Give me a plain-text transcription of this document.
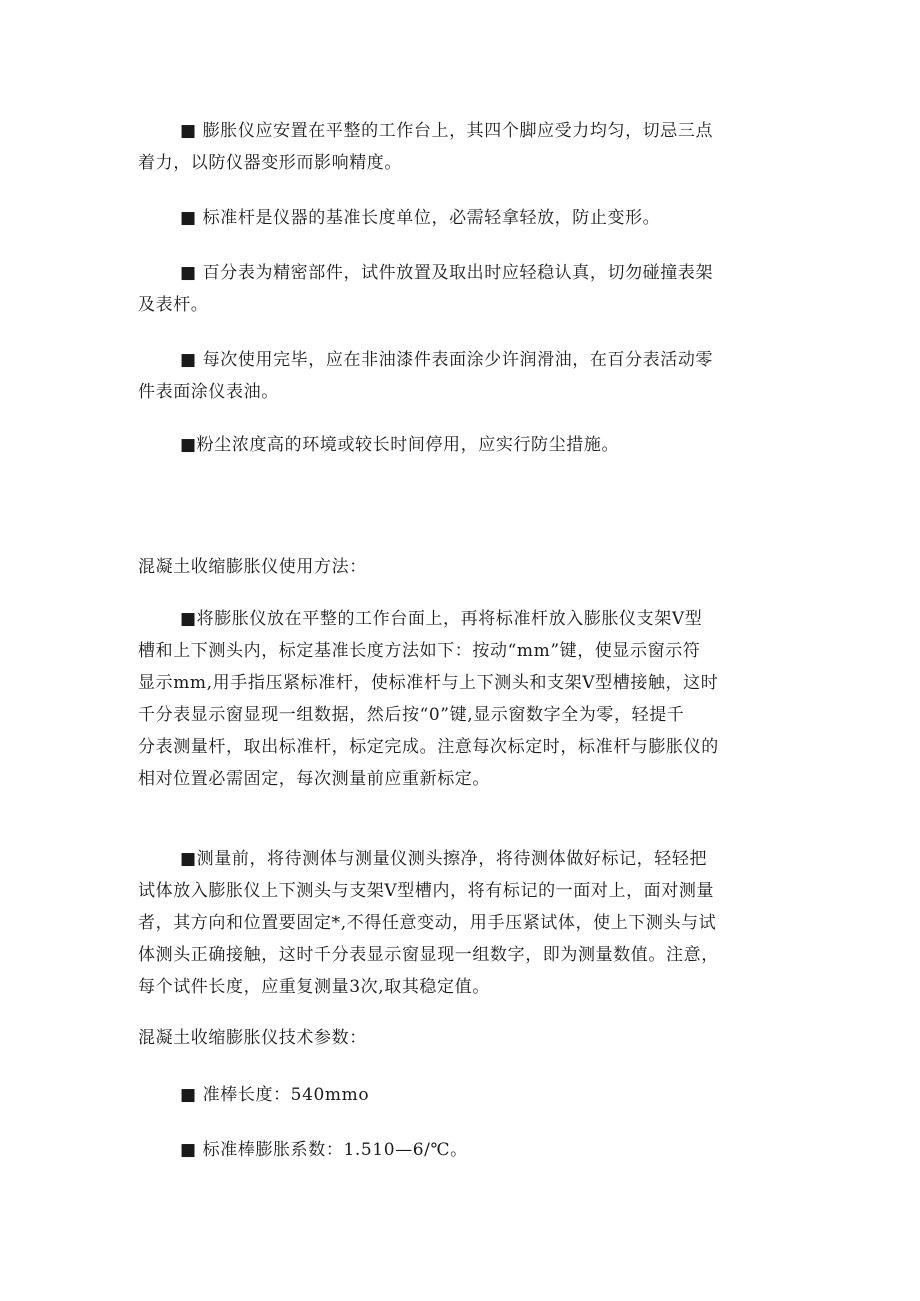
■ 膨胀仪应安置在平整的工作台上，其四个脚应受力均匀，切忌三点
着力，以防仪器变形而影响精度。

■ 标准杆是仪器的基准长度单位，必需轻拿轻放，防止变形。

■ 百分表为精密部件，试件放置及取出时应轻稳认真，切勿碰撞表架
及表杆。

■ 每次使用完毕，应在非油漆件表面涂少许润滑油，在百分表活动零
件表面涂仪表油。

■粉尘浓度高的环境或较长时间停用，应实行防尘措施。

混凝土收缩膨胀仪使用方法：

■将膨胀仪放在平整的工作台面上，再将标准杆放入膨胀仪支架V型
槽和上下测头内，标定基准长度方法如下：按动“mm”键，使显示窗示符
显示mm,用手指压紧标准杆，使标准杆与上下测头和支架V型槽接触，这时
千分表显示窗显现一组数据，然后按“0”键,显示窗数字全为零，轻提千
分表测量杆，取出标准杆，标定完成。注意每次标定时，标准杆与膨胀仪的
相对位置必需固定，每次测量前应重新标定。

■测量前，将待测体与测量仪测头擦净，将待测体做好标记，轻轻把
试体放入膨胀仪上下测头与支架V型槽内，将有标记的一面对上，面对测量
者，其方向和位置要固定*,不得任意变动，用手压紧试体，使上下测头与试
体测头正确接触，这时千分表显示窗显现一组数字，即为测量数值。注意，
每个试件长度，应重复测量3次,取其稳定值。

混凝土收缩膨胀仪技术参数：

■ 准棒长度：540mmo

■ 标准棒膨胀系数：1.510—6/℃。
